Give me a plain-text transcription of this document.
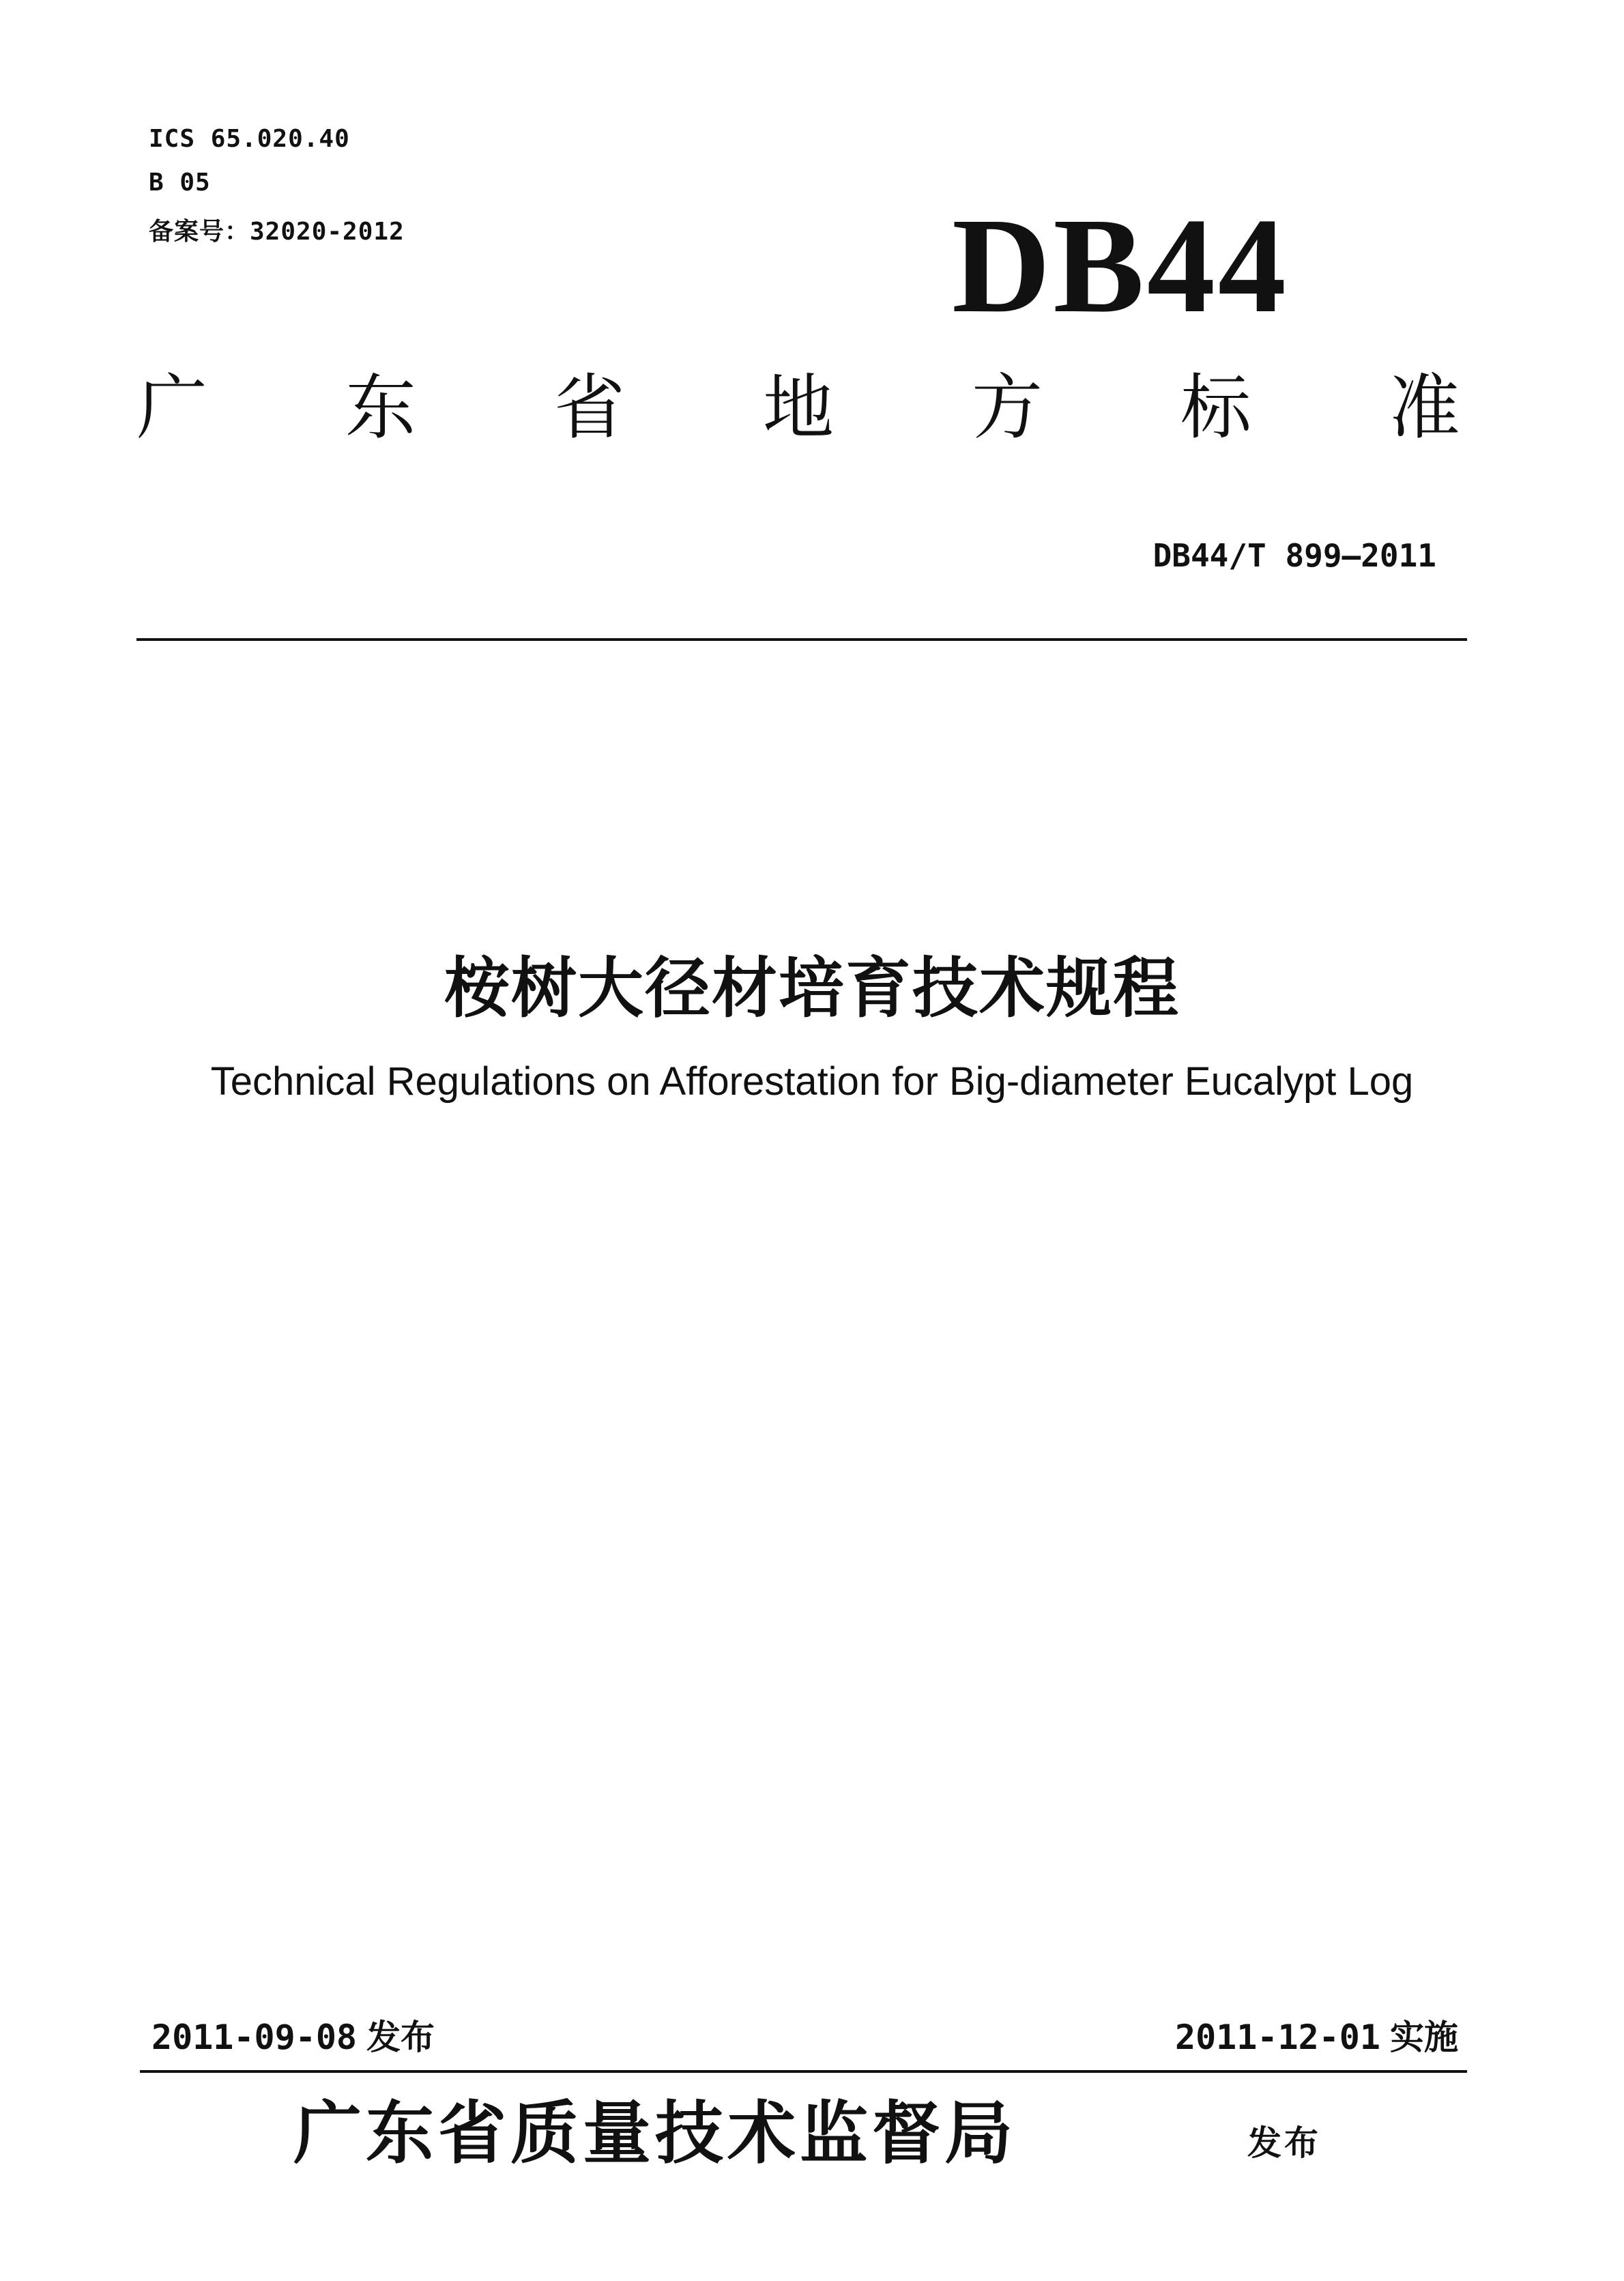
ICS 65.020.40
B 05
备案号：32020-2012	DB44
广 东 省 地 方 标 准
DB44/T 899—2011
桉树大径材培育技术规程
Technical Regulations on Afforestation for Big-diameter Eucalypt Log
2011-09-08 发布	2011-12-01 实施
广东省质量技术监督局	发布
